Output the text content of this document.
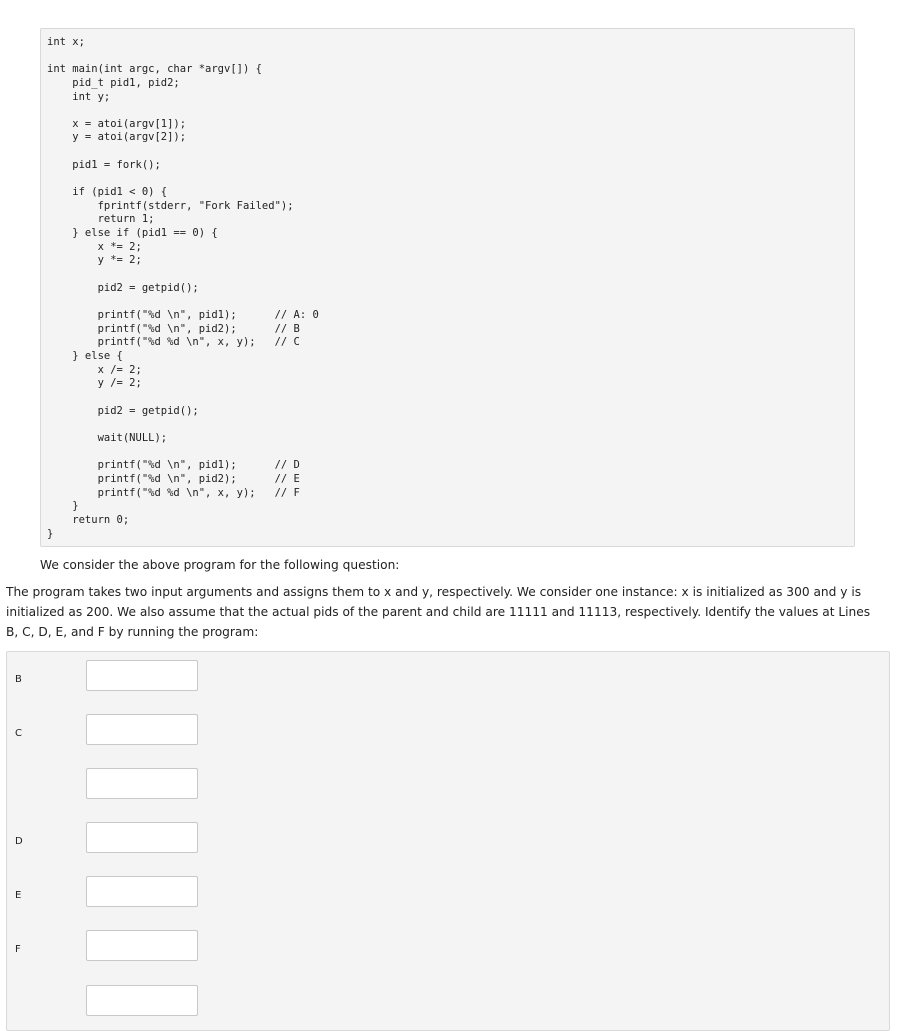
int x;
int main(int argc, char *argv[]) {
pid_t pid1, pid2;
int y;
x = atoi(argv[1]);
y = atoi(argv[2]);
pid1 = fork();
if (pid1 < 0) {
fprintf(stderr, "Fork Failed");
return 1;
} else if (pid1 == 0) {
x *= 2;
y *= 2;
pid2 = getpid();
printf("%d \n", pid1);      // A: 0
printf("%d \n", pid2);      // B
printf("%d %d \n", x, y);   // C
} else {
x /= 2;
y /= 2;
pid2 = getpid();
wait(NULL);
printf("%d \n", pid1);      // D
printf("%d \n", pid2);      // E
printf("%d %d \n", x, y);   // F
}
return 0;
}

We consider the above program for the following question:

The program takes two input arguments and assigns them to x and y, respectively. We consider one instance: x is initialized as 300 and y is initialized as 200. We also assume that the actual pids of the parent and child are 11111 and 11113, respectively. Identify the values at Lines B, C, D, E, and F by running the program:

B
C
D
E
F
